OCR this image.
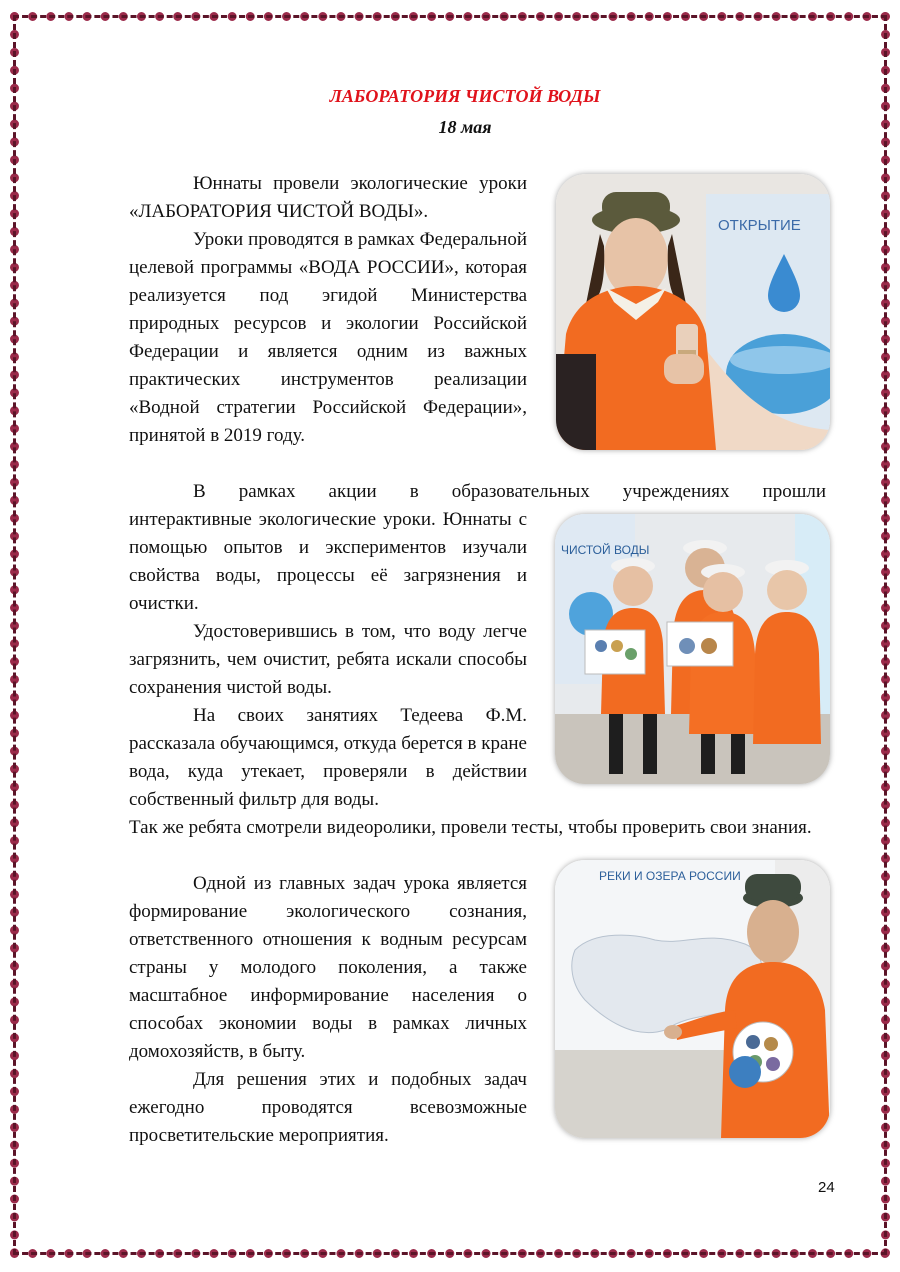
ЛАБОРАТОРИЯ ЧИСТОЙ ВОДЫ
18 мая

Юннаты провели экологические уроки «ЛАБОРАТОРИЯ ЧИСТОЙ ВОДЫ».

Уроки проводятся в рамках Федеральной целевой программы «ВОДА РОССИИ», которая реализуется под эгидой Министерства природных ресурсов и экологии Российской Федерации и является одним из важных практических инструментов реализации «Водной стратегии Российской Федерации», принятой в 2019 году.

В рамках акции в образовательных учреждениях прошли

интерактивные экологические уроки. Юннаты с помощью опытов и экспериментов изучали свойства воды, процессы её загрязнения и очистки.

Удостоверившись в том, что воду легче загрязнить, чем очистит, ребята искали способы сохранения чистой воды.

На своих занятиях Тедеева Ф.М. рассказала обучающимся, откуда берется в кране вода, куда утекает, проверяли в действии собственный фильтр для воды.

Так же ребята смотрели видеоролики, провели тесты, чтобы проверить свои знания.

Одной из главных задач урока является формирование экологического сознания, ответственного отношения к водным ресурсам страны у молодого поколения, а также масштабное информирование населения о способах экономии воды в рамках личных домохозяйств, в быту.

Для решения этих и подобных задач ежегодно проводятся всевозможные просветительские мероприятия.

ОТКРЫТИЕ
ЧИСТОЙ ВОДЫ
РЕКИ И ОЗЕРА РОССИИ
24
